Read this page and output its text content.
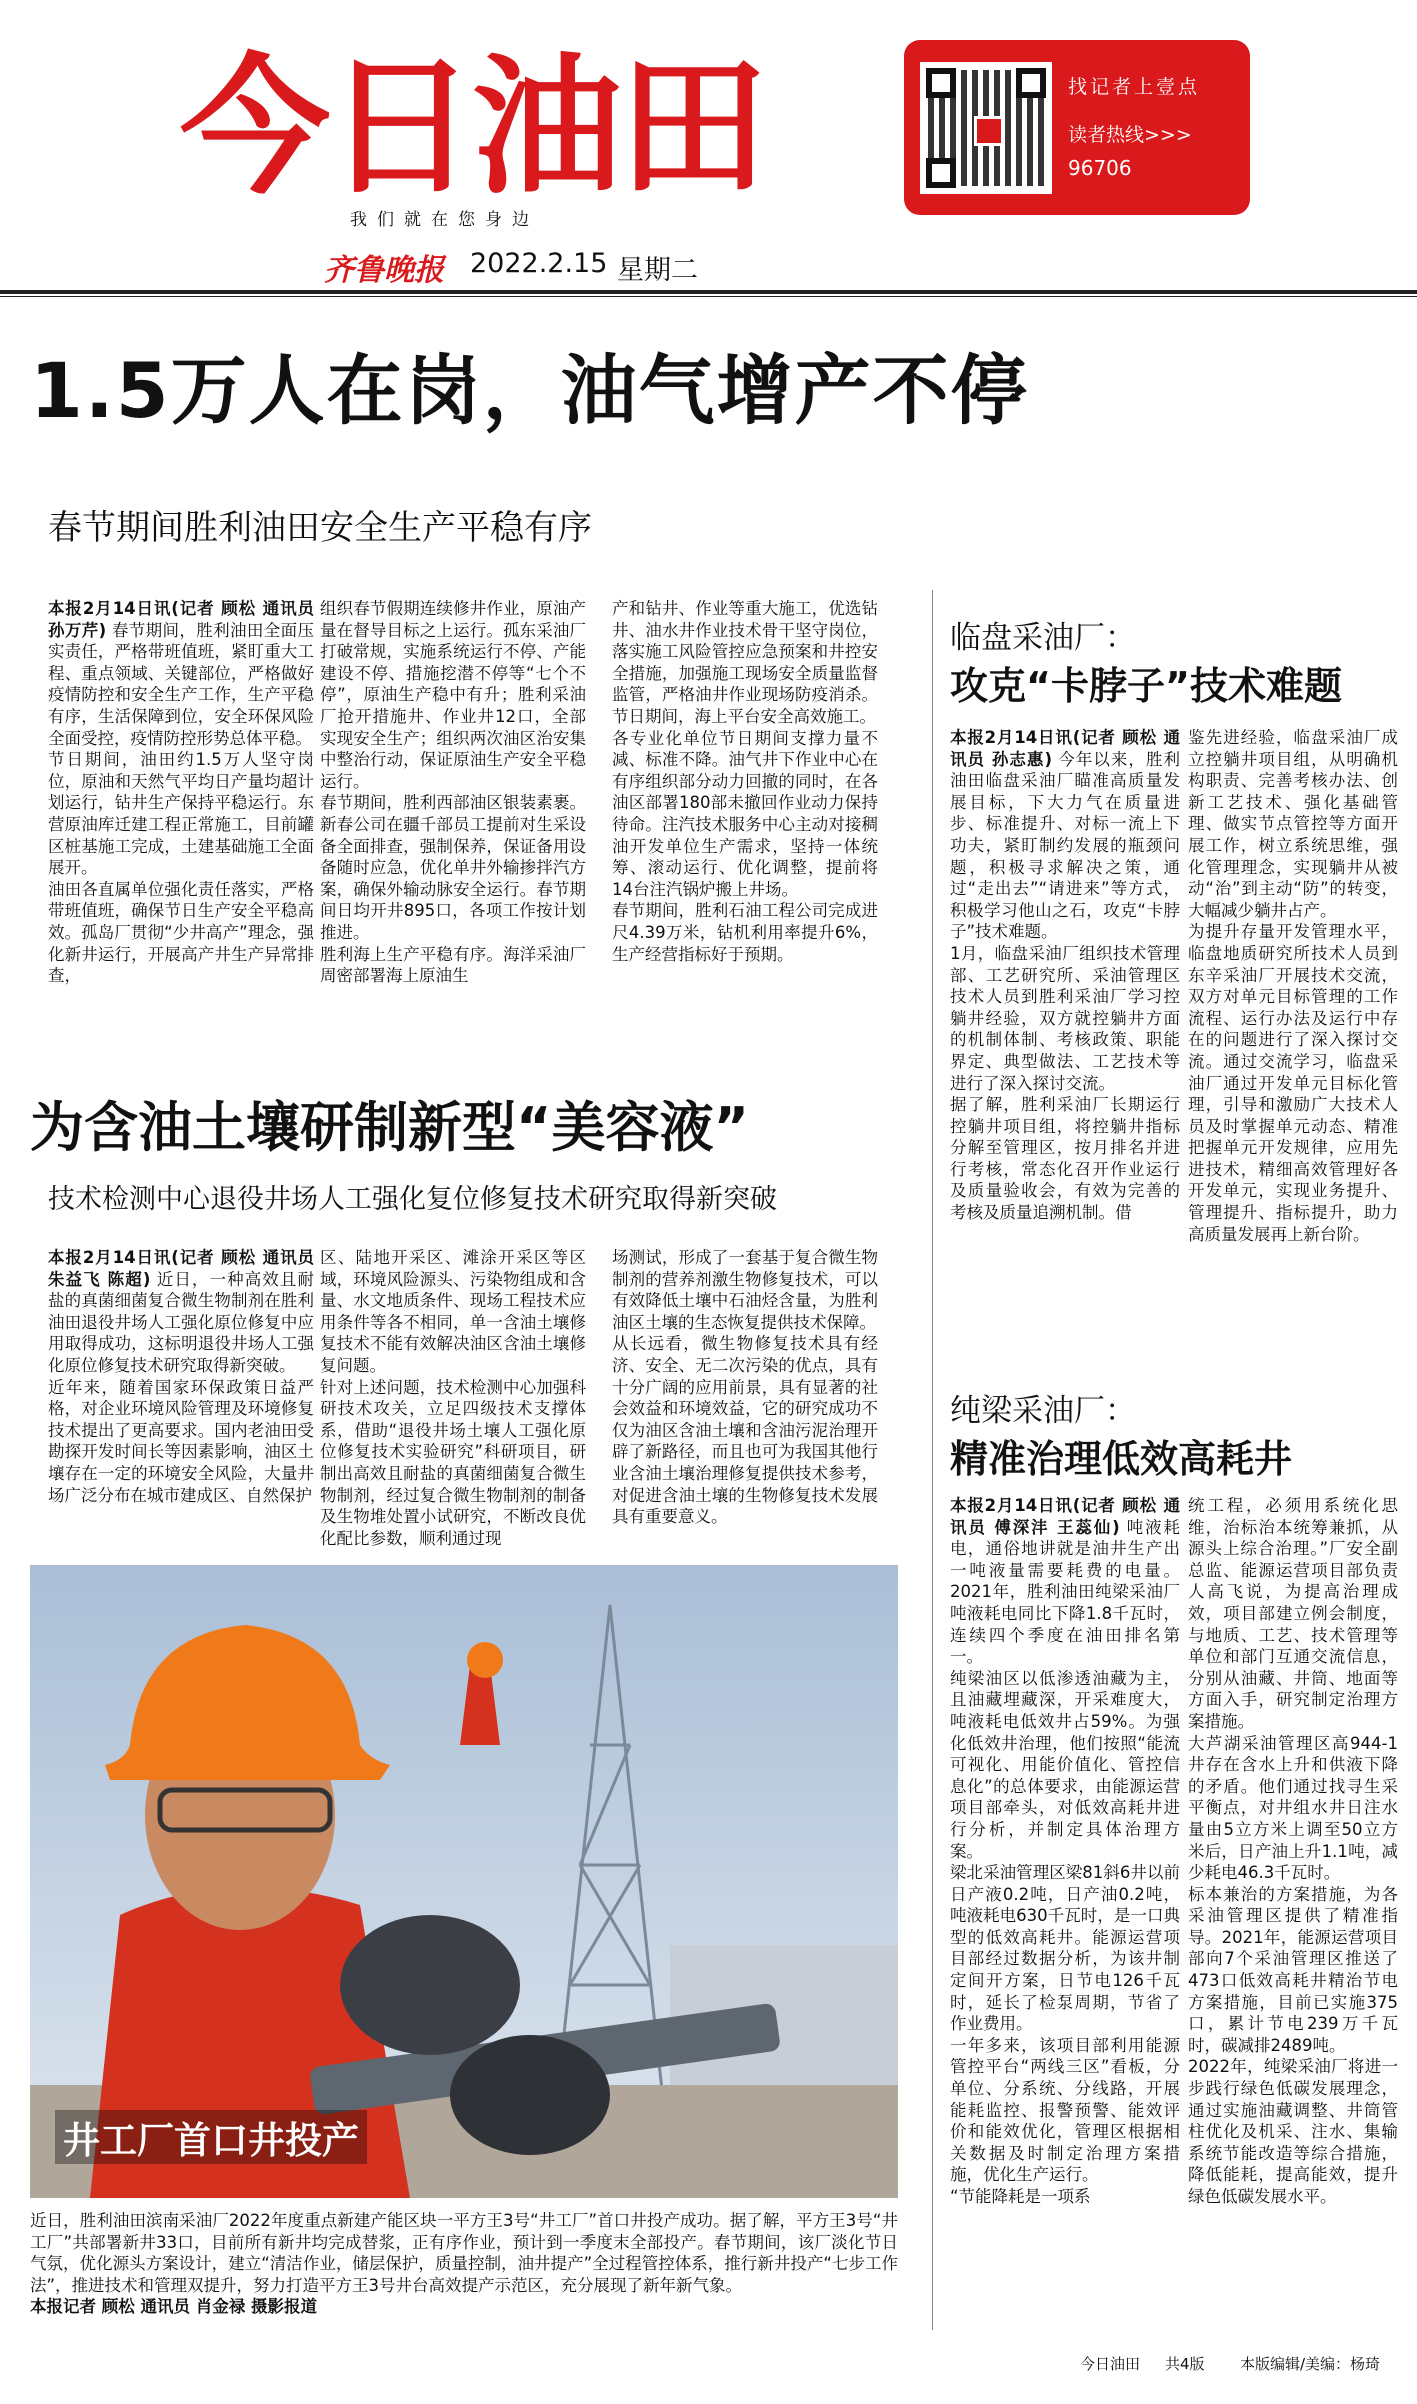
今日油田
我们就在您身边
齐鲁晚报 2022.2.15 星期二
找记者上壹点
读者热线>>>
96706
1.5万人在岗，油气增产不停
春节期间胜利油田安全生产平稳有序
本报2月14日讯(记者 顾松 通讯员 孙万芹) 春节期间，胜利油田全面压实责任，严格带班值班，紧盯重大工程、重点领域、关键部位，严格做好疫情防控和安全生产工作，生产平稳有序，生活保障到位，安全环保风险全面受控，疫情防控形势总体平稳。
节日期间，油田约1.5万人坚守岗位，原油和天然气平均日产量均超计划运行，钻井生产保持平稳运行。东营原油库迁建工程正常施工，目前罐区桩基施工完成，土建基础施工全面展开。
油田各直属单位强化责任落实，严格带班值班，确保节日生产安全平稳高效。孤岛厂贯彻“少井高产”理念，强化新井运行，开展高产井生产异常排查，
组织春节假期连续修井作业，原油产量在督导目标之上运行。孤东采油厂打破常规，实施系统运行不停、产能建设不停、措施挖潜不停等“七个不停”，原油生产稳中有升；胜利采油厂抢开措施井、作业井12口，全部实现安全生产；组织两次油区治安集中整治行动，保证原油生产安全平稳运行。
春节期间，胜利西部油区银装素裹。新春公司在疆千部员工提前对生采设备全面排查，强制保养，保证备用设备随时应急，优化单井外输掺拌汽方案，确保外输动脉安全运行。春节期间日均开井895口，各项工作按计划推进。
胜利海上生产平稳有序。海洋采油厂周密部署海上原油生
产和钻井、作业等重大施工，优选钻井、油水井作业技术骨干坚守岗位，落实施工风险管控应急预案和井控安全措施，加强施工现场安全质量监督监管，严格油井作业现场防疫消杀。节日期间，海上平台安全高效施工。
各专业化单位节日期间支撑力量不减、标准不降。油气井下作业中心在有序组织部分动力回撤的同时，在各油区部署180部未撤回作业动力保持待命。注汽技术服务中心主动对接稠油开发单位生产需求，坚持一体统筹、滚动运行、优化调整，提前将14台注汽锅炉搬上井场。
春节期间，胜利石油工程公司完成进尺4.39万米，钻机利用率提升6%，生产经营指标好于预期。
为含油土壤研制新型“美容液”
技术检测中心退役井场人工强化复位修复技术研究取得新突破
本报2月14日讯(记者 顾松 通讯员 朱益飞 陈超) 近日，一种高效且耐盐的真菌细菌复合微生物制剂在胜利油田退役井场人工强化原位修复中应用取得成功，这标明退役井场人工强化原位修复技术研究取得新突破。
近年来，随着国家环保政策日益严格，对企业环境风险管理及环境修复技术提出了更高要求。国内老油田受勘探开发时间长等因素影响，油区土壤存在一定的环境安全风险，大量井场广泛分布在城市建成区、自然保护
区、陆地开采区、滩涂开采区等区域，环境风险源头、污染物组成和含量、水文地质条件、现场工程技术应用条件等各不相同，单一含油土壤修复技术不能有效解决油区含油土壤修复问题。
针对上述问题，技术检测中心加强科研技术攻关，立足四级技术支撑体系，借助“退役井场土壤人工强化原位修复技术实验研究”科研项目，研制出高效且耐盐的真菌细菌复合微生物制剂，经过复合微生物制剂的制备及生物堆处置小试研究，不断改良优化配比参数，顺利通过现
场测试，形成了一套基于复合微生物制剂的营养剂激生物修复技术，可以有效降低土壤中石油烃含量，为胜利油区土壤的生态恢复提供技术保障。
从长远看，微生物修复技术具有经济、安全、无二次污染的优点，具有十分广阔的应用前景，具有显著的社会效益和环境效益，它的研究成功不仅为油区含油土壤和含油污泥治理开辟了新路径，而且也可为我国其他行业含油土壤治理修复提供技术参考，对促进含油土壤的生物修复技术发展具有重要意义。
井工厂首口井投产
近日，胜利油田滨南采油厂2022年度重点新建产能区块一平方王3号“井工厂”首口井投产成功。据了解，平方王3号“井工厂”共部署新井33口，目前所有新井均完成替浆，正有序作业，预计到一季度末全部投产。春节期间，该厂淡化节日气氛，优化源头方案设计，建立“清洁作业，储层保护，质量控制，油井提产”全过程管控体系，推行新井投产“七步工作法”，推进技术和管理双提升，努力打造平方王3号井台高效提产示范区，充分展现了新年新气象。
本报记者 顾松 通讯员 肖金禄 摄影报道
临盘采油厂：
攻克“卡脖子”技术难题
本报2月14日讯(记者 顾松 通讯员 孙志惠) 今年以来，胜利油田临盘采油厂瞄准高质量发展目标，下大力气在质量进步、标准提升、对标一流上下功夫，紧盯制约发展的瓶颈问题，积极寻求解决之策，通过“走出去”“请进来”等方式，积极学习他山之石，攻克“卡脖子”技术难题。
1月，临盘采油厂组织技术管理部、工艺研究所、采油管理区技术人员到胜利采油厂学习控躺井经验，双方就控躺井方面的机制体制、考核政策、职能界定、典型做法、工艺技术等进行了深入探讨交流。
据了解，胜利采油厂长期运行控躺井项目组，将控躺井指标分解至管理区，按月排名并进行考核，常态化召开作业运行及质量验收会，有效为完善的考核及质量追溯机制。借
鉴先进经验，临盘采油厂成立控躺井项目组，从明确机构职责、完善考核办法、创新工艺技术、强化基础管理、做实节点管控等方面开展工作，树立系统思维，强化管理理念，实现躺井从被动“治”到主动“防”的转变，大幅减少躺井占产。
为提升存量开发管理水平，临盘地质研究所技术人员到东辛采油厂开展技术交流，双方对单元目标管理的工作流程、运行办法及运行中存在的问题进行了深入探讨交流。通过交流学习，临盘采油厂通过开发单元目标化管理，引导和激励广大技术人员及时掌握单元动态、精准把握单元开发规律，应用先进技术，精细高效管理好各开发单元，实现业务提升、管理提升、指标提升，助力高质量发展再上新台阶。
纯梁采油厂：
精准治理低效高耗井
本报2月14日讯(记者 顾松 通讯员 傅深沣 王蕊仙) 吨液耗电，通俗地讲就是油井生产出一吨液量需要耗费的电量。2021年，胜利油田纯梁采油厂吨液耗电同比下降1.8千瓦时，连续四个季度在油田排名第一。
纯梁油区以低渗透油藏为主，且油藏埋藏深，开采难度大，吨液耗电低效井占59%。为强化低效井治理，他们按照“能流可视化、用能价值化、管控信息化”的总体要求，由能源运营项目部牵头，对低效高耗井进行分析，并制定具体治理方案。
梁北采油管理区梁81斜6井以前日产液0.2吨，日产油0.2吨，吨液耗电630千瓦时，是一口典型的低效高耗井。能源运营项目部经过数据分析，为该井制定间开方案，日节电126千瓦时，延长了检泵周期，节省了作业费用。
一年多来，该项目部利用能源管控平台“两线三区”看板，分单位、分系统、分线路，开展能耗监控、报警预警、能效评价和能效优化，管理区根据相关数据及时制定治理方案措施，优化生产运行。
“节能降耗是一项系
统工程，必须用系统化思维，治标治本统筹兼抓，从源头上综合治理。”厂安全副总监、能源运营项目部负责人高飞说，为提高治理成效，项目部建立例会制度，与地质、工艺、技术管理等单位和部门互通交流信息，分别从油藏、井筒、地面等方面入手，研究制定治理方案措施。
大芦湖采油管理区高944-1井存在含水上升和供液下降的矛盾。他们通过找寻生采平衡点，对井组水井日注水量由5立方米上调至50立方米后，日产油上升1.1吨，减少耗电46.3千瓦时。
标本兼治的方案措施，为各采油管理区提供了精准指导。2021年，能源运营项目部向7个采油管理区推送了473口低效高耗井精治节电方案措施，目前已实施375口，累计节电239万千瓦时，碳减排2489吨。
2022年，纯梁采油厂将进一步践行绿色低碳发展理念，通过实施油藏调整、井筒管柱优化及机采、注水、集输系统节能改造等综合措施，降低能耗，提高能效，提升绿色低碳发展水平。
今日油田 共4版 本版编辑/美编：杨琦
